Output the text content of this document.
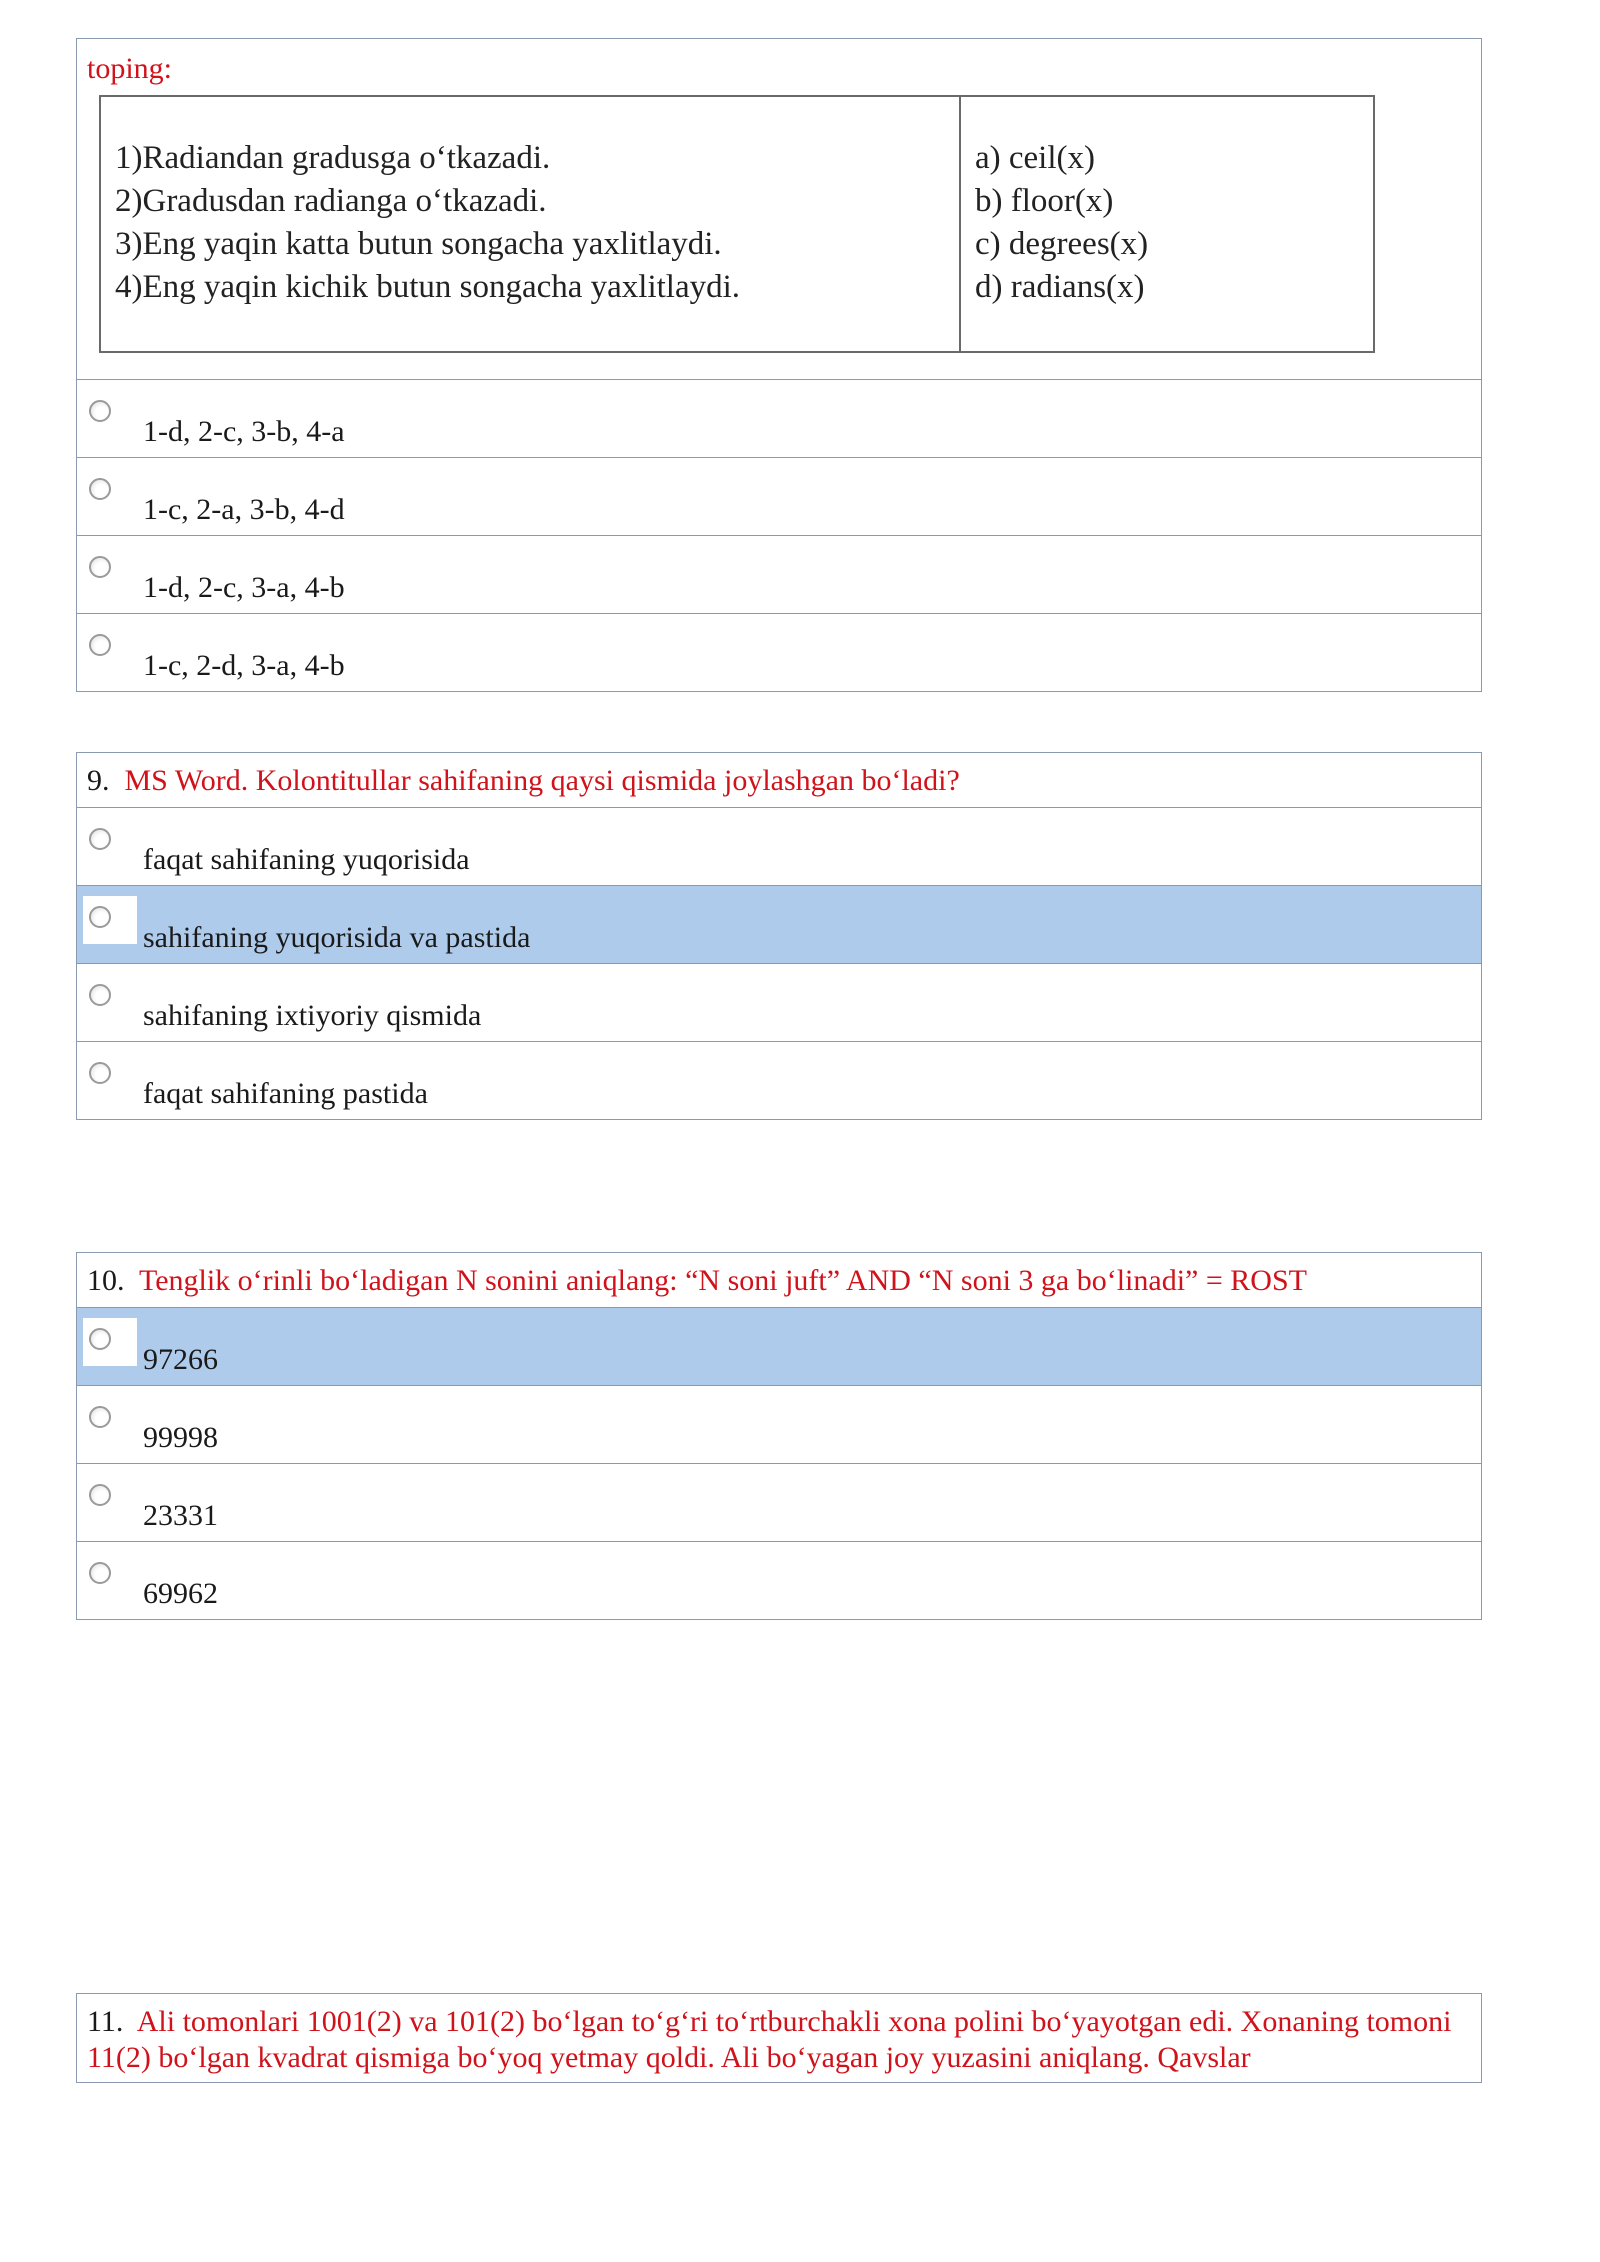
toping:
1)Radiandan gradusga o‘tkazadi.
2)Gradusdan radianga o‘tkazadi.
3)Eng yaqin katta butun songacha yaxlitlaydi.
4)Eng yaqin kichik butun songacha yaxlitlaydi.
a) ceil(x)
b) floor(x)
c) degrees(x)
d) radians(x)
1-d, 2-c, 3-b, 4-a
1-c, 2-a, 3-b, 4-d
1-d, 2-c, 3-a, 4-b
1-c, 2-d, 3-a, 4-b
9. MS Word. Kolontitullar sahifaning qaysi qismida joylashgan bo‘ladi?
faqat sahifaning yuqorisida
sahifaning yuqorisida va pastida
sahifaning ixtiyoriy qismida
faqat sahifaning pastida
10. Tenglik o‘rinli bo‘ladigan N sonini aniqlang: “N soni juft” AND “N soni 3 ga bo‘linadi” = ROST
97266
99998
23331
69962
11. Ali tomonlari 1001(2) va 101(2) bo‘lgan to‘g‘ri to‘rtburchakli xona polini bo‘yayotgan edi. Xonaning tomoni 11(2) bo‘lgan kvadrat qismiga bo‘yoq yetmay qoldi. Ali bo‘yagan joy yuzasini aniqlang. Qavslar
